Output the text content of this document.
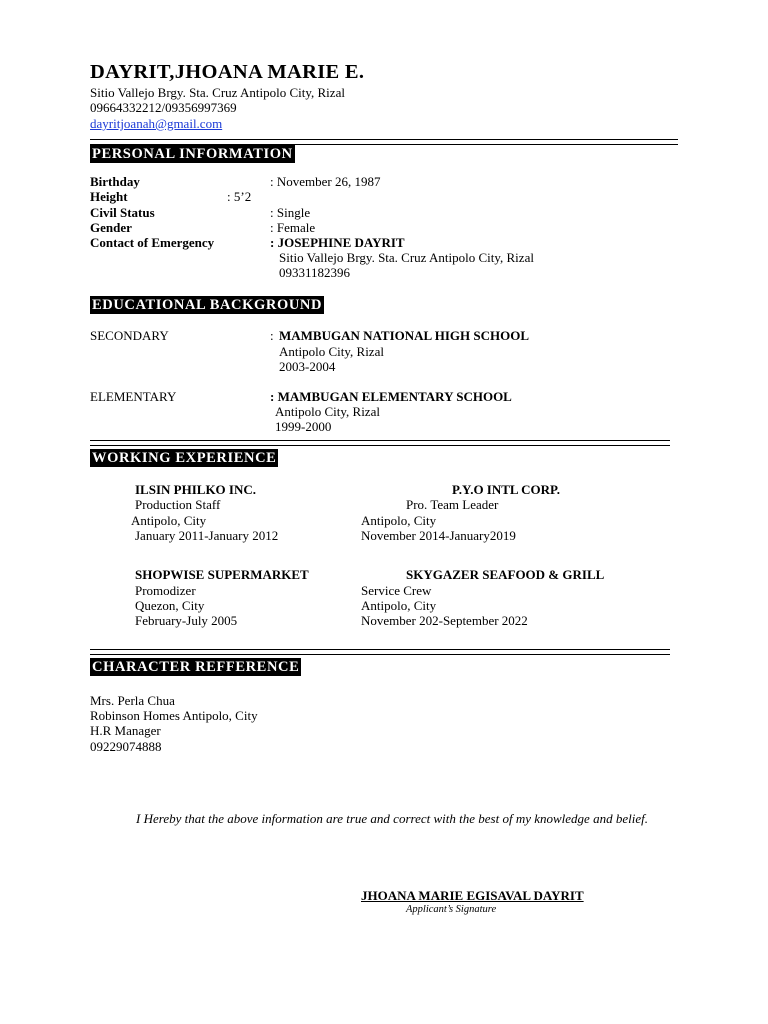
DAYRIT,JHOANA MARIE E.
Sitio Vallejo Brgy. Sta. Cruz Antipolo City, Rizal
09664332212/09356997369
dayritjoanah@gmail.com
PERSONAL INFORMATION
Birthday	: November 26, 1987
Height	: 5’2
Civil Status	: Single
Gender	: Female
Contact of Emergency	: JOSEPHINE DAYRIT
Sitio Vallejo Brgy. Sta. Cruz Antipolo City, Rizal
09331182396
EDUCATIONAL BACKGROUND
SECONDARY	: MAMBUGAN NATIONAL HIGH SCHOOL
Antipolo City, Rizal
2003-2004
ELEMENTARY	: MAMBUGAN ELEMENTARY SCHOOL
Antipolo City, Rizal
1999-2000
WORKING EXPERIENCE
ILSIN PHILKO INC.
Production Staff
Antipolo, City
January 2011-January 2012
P.Y.O INTL CORP.
Pro. Team Leader
Antipolo, City
November 2014-January2019
SHOPWISE SUPERMARKET
Promodizer
Quezon, City
February-July 2005
SKYGAZER SEAFOOD & GRILL
Service Crew
Antipolo, City
November 202-September 2022
CHARACTER REFFERENCE
Mrs. Perla Chua
Robinson Homes Antipolo, City
H.R Manager
09229074888
I Hereby that the above information are true and correct with the best of my knowledge and belief.
JHOANA MARIE EGISAVAL DAYRIT
Applicant’s Signature
